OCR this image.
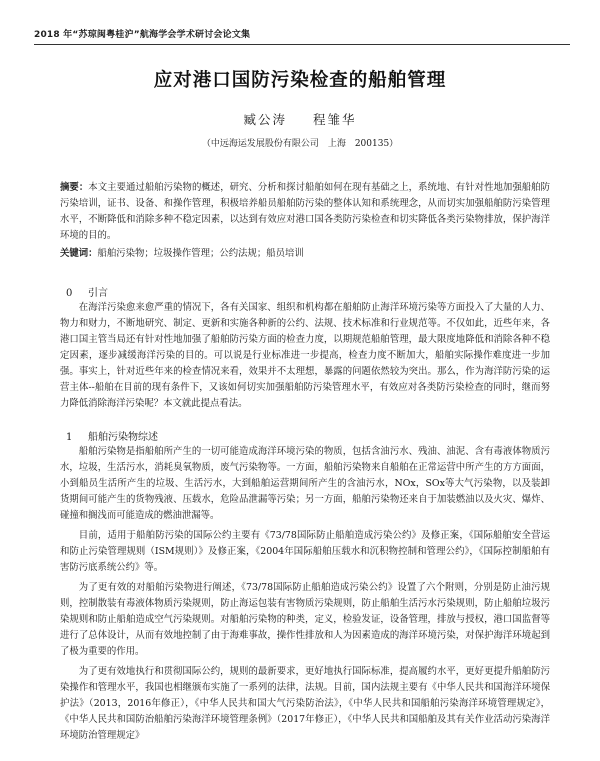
2018 年“苏琼闽粤桂沪”航海学会学术研讨会论文集
应对港口国防污染检查的船舶管理
臧公涛 程雏华
（中远海运发展股份有限公司　上海　200135）
摘要：本文主要通过船舶污染物的概述，研究、分析和探讨船舶如何在现有基础之上，系统地、有针对性地加强船舶防污染培训，证书、设备、和操作管理，积极培养船员船舶防污染的整体认知和系统理念，从而切实加强船舶防污染管理水平，不断降低和消除多种不稳定因素，以达到有效应对港口国各类防污染检查和切实降低各类污染物排放，保护海洋环境的目的。
关键词：船舶污染物；垃圾操作管理；公约法规；船员培训
0 引言

在海洋污染愈来愈严重的情况下，各有关国家、组织和机构都在船舶防止海洋环境污染等方面投入了大量的人力、物力和财力，不断地研究、制定、更新和实施各种新的公约、法规、技术标准和行业规范等。不仅如此，近些年来，各港口国主管当局还有针对性地加强了船舶防污染方面的检查力度，以期规范船舶管理，最大限度地降低和消除各种不稳定因素，逐步减缓海洋污染的目的。可以说是行业标准进一步提高，检查力度不断加大，船舶实际操作难度进一步加强。事实上，针对近些年来的检查情况来看，效果并不太理想，暴露的问题依然较为突出。那么，作为海洋防污染的运营主体--船舶在目前的现有条件下，又该如何切实加强船舶防污染管理水平，有效应对各类防污染检查的同时，继而努力降低消除海洋污染呢？本文就此提点看法。

1 船舶污染物综述

船舶污染物是指船舶所产生的一切可能造成海洋环境污染的物质，包括含油污水、残油、油泥、含有毒液体物质污水，垃圾，生活污水，消耗臭氧物质，废气污染物等。一方面，船舶污染物来自船舶在正常运营中所产生的方方面面，小到船员生活所产生的垃圾、生活污水，大到船舶运营期间所产生的含油污水，NOx，SOx等大气污染物，以及装卸货期间可能产生的货物残液、压载水，危险品泄漏等污染；另一方面，船舶污染物还来自于加装燃油以及火灾、爆炸、碰撞和搁浅而可能造成的燃油泄漏等。

目前，适用于船舶防污染的国际公约主要有《73/78国际防止船舶造成污染公约》及修正案，《国际船舶安全营运和防止污染管理规则（ISM规则）》及修正案，《2004年国际船舶压载水和沉积物控制和管理公约》，《国际控制船舶有害防污底系统公约》等。

为了更有效的对船舶污染物进行阐述，《73/78国际防止船舶造成污染公约》设置了六个附则，分别是防止油污规则，控制散装有毒液体物质污染规则，防止海运包装有害物质污染规则，防止船舶生活污水污染规则，防止船舶垃圾污染规则和防止船舶造成空气污染规则。对船舶污染物的种类，定义，检验发证，设备管理，排放与授权，港口国监督等进行了总体设计，从而有效地控制了由于海难事故，操作性排放和人为因素造成的海洋环境污染，对保护海洋环境起到了极为重要的作用。

为了更有效地执行和贯彻国际公约，规则的最新要求，更好地执行国际标准，提高履约水平，更好更提升船舶防污染操作和管理水平，我国也相继颁布实施了一系列的法律，法规。目前，国内法规主要有《中华人民共和国海洋环境保护法》（2013，2016年修正），《中华人民共和国大气污染防治法》，《中华人民共和国船舶污染海洋环境管理规定》，《中华人民共和国防治船舶污染海洋环境管理条例》（2017年修正），《中华人民共和国船舶及其有关作业活动污染海洋环境防治管理规定》
